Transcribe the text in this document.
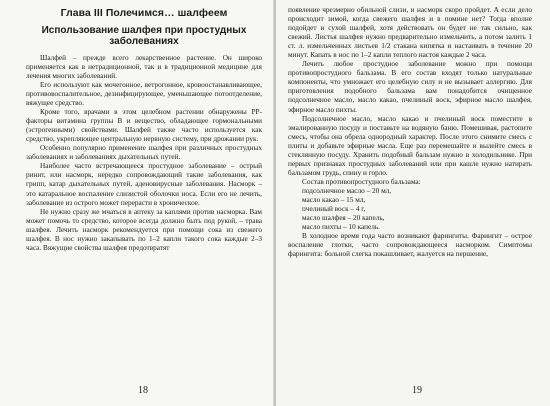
Глава III Полечимся… шалфеем
Использование шалфея при простудных заболеваниях

Шалфей – прежде всего лекарственное растение. Он широко применяется как в нетрадиционной, так и в традиционной медицине для лечения многих заболеваний.

Его используют как мочегонное, ветрогонное, кровоостанавливающее, противовоспалительное, дезинфицирующее, уменьшающее потоотделение, вяжущее средство.

Кроме того, врачами в этом целебном растении обнаружены РР-факторы витамина группы В и вещество, обладающее гормональными (эстрогенными) свойствами. Шалфей также часто используется как средство, укрепляющее центральную нервную систему, при дрожании рук.

Особенно популярно применение шалфея при различных простудных заболеваниях и заболеваниях дыхательных путей.

Наиболее часто встречающееся простудное заболевание – острый ринит, или насморк, нередко сопровождающий такие заболевания, как грипп, катар дыхательных путей, аденовирусные заболевания. Насморк – это катаральное воспаление слизистой оболочки носа. Если его не лечить, заболевание из острого может перерасти в хроническое.

Не нужно сразу же мчаться в аптеку за каплями против насморка. Вам может помочь то средство, которое всегда должно быть под рукой, – трава шалфея. Лечить насморк рекомендуется при помощи сока из свежего шалфея. В нос нужно закапывать по 1–2 капли такого сока каждые 2–3 часа. Вяжущие свойства шалфея предотвратят

18

появление чрезмерно обильной слизи, и насморк скоро пройдет. А если дело происходит зимой, когда свежего шалфея и в помине нет? Тогда вполне подойдет и сухой шалфей, хотя действовать он будет не так сильно, как свежий. Листья шалфея нужно предварительно измельчить, а потом залить 1 ст. л. измельченных листьев 1/2 стакана кипятка и настаивать в течение 20 минут. Капать в нос по 1–2 капли теплого настоя каждые 2 часа.

Лечить любое простудное заболевание можно при помощи противопростудного бальзама. В его состав входят только натуральные компоненты, что умножает его целебную силу и не вызывает аллергию. Для приготовления подобного бальзама вам понадобится очищенное подсолнечное масло, масло какао, пчелиный воск, эфирное масло шалфея, эфирное масло пихты.

Подсолнечное масло, масло какао и пчелиный воск поместите в эмалированную посуду и поставьте на водяную баню. Помешивая, растопите смесь, чтобы она обрела однородный характер. После этого снимите смесь с плиты и добавьте эфирные масла. Еще раз перемешайте и вылейте смесь в стеклянную посуду. Хранить подобный бальзам нужно в холодильнике. При первых признаках простудных заболеваний или при кашле нужно натирать бальзамом грудь, спину и горло.

Состав противопростудного бальзама:

подсолнечное масло – 20 мл,

масло какао – 15 мл,

пчелиный воск – 4 г,

масло шалфея – 20 капель,

масло пихты – 10 капель.

В холодное время года часто возникают фарингиты. Фарингит – острое воспаление глотки, часто сопровождающееся насморком. Симптомы фарингита: больной слегка покашливает, жалуется на першение,

19
